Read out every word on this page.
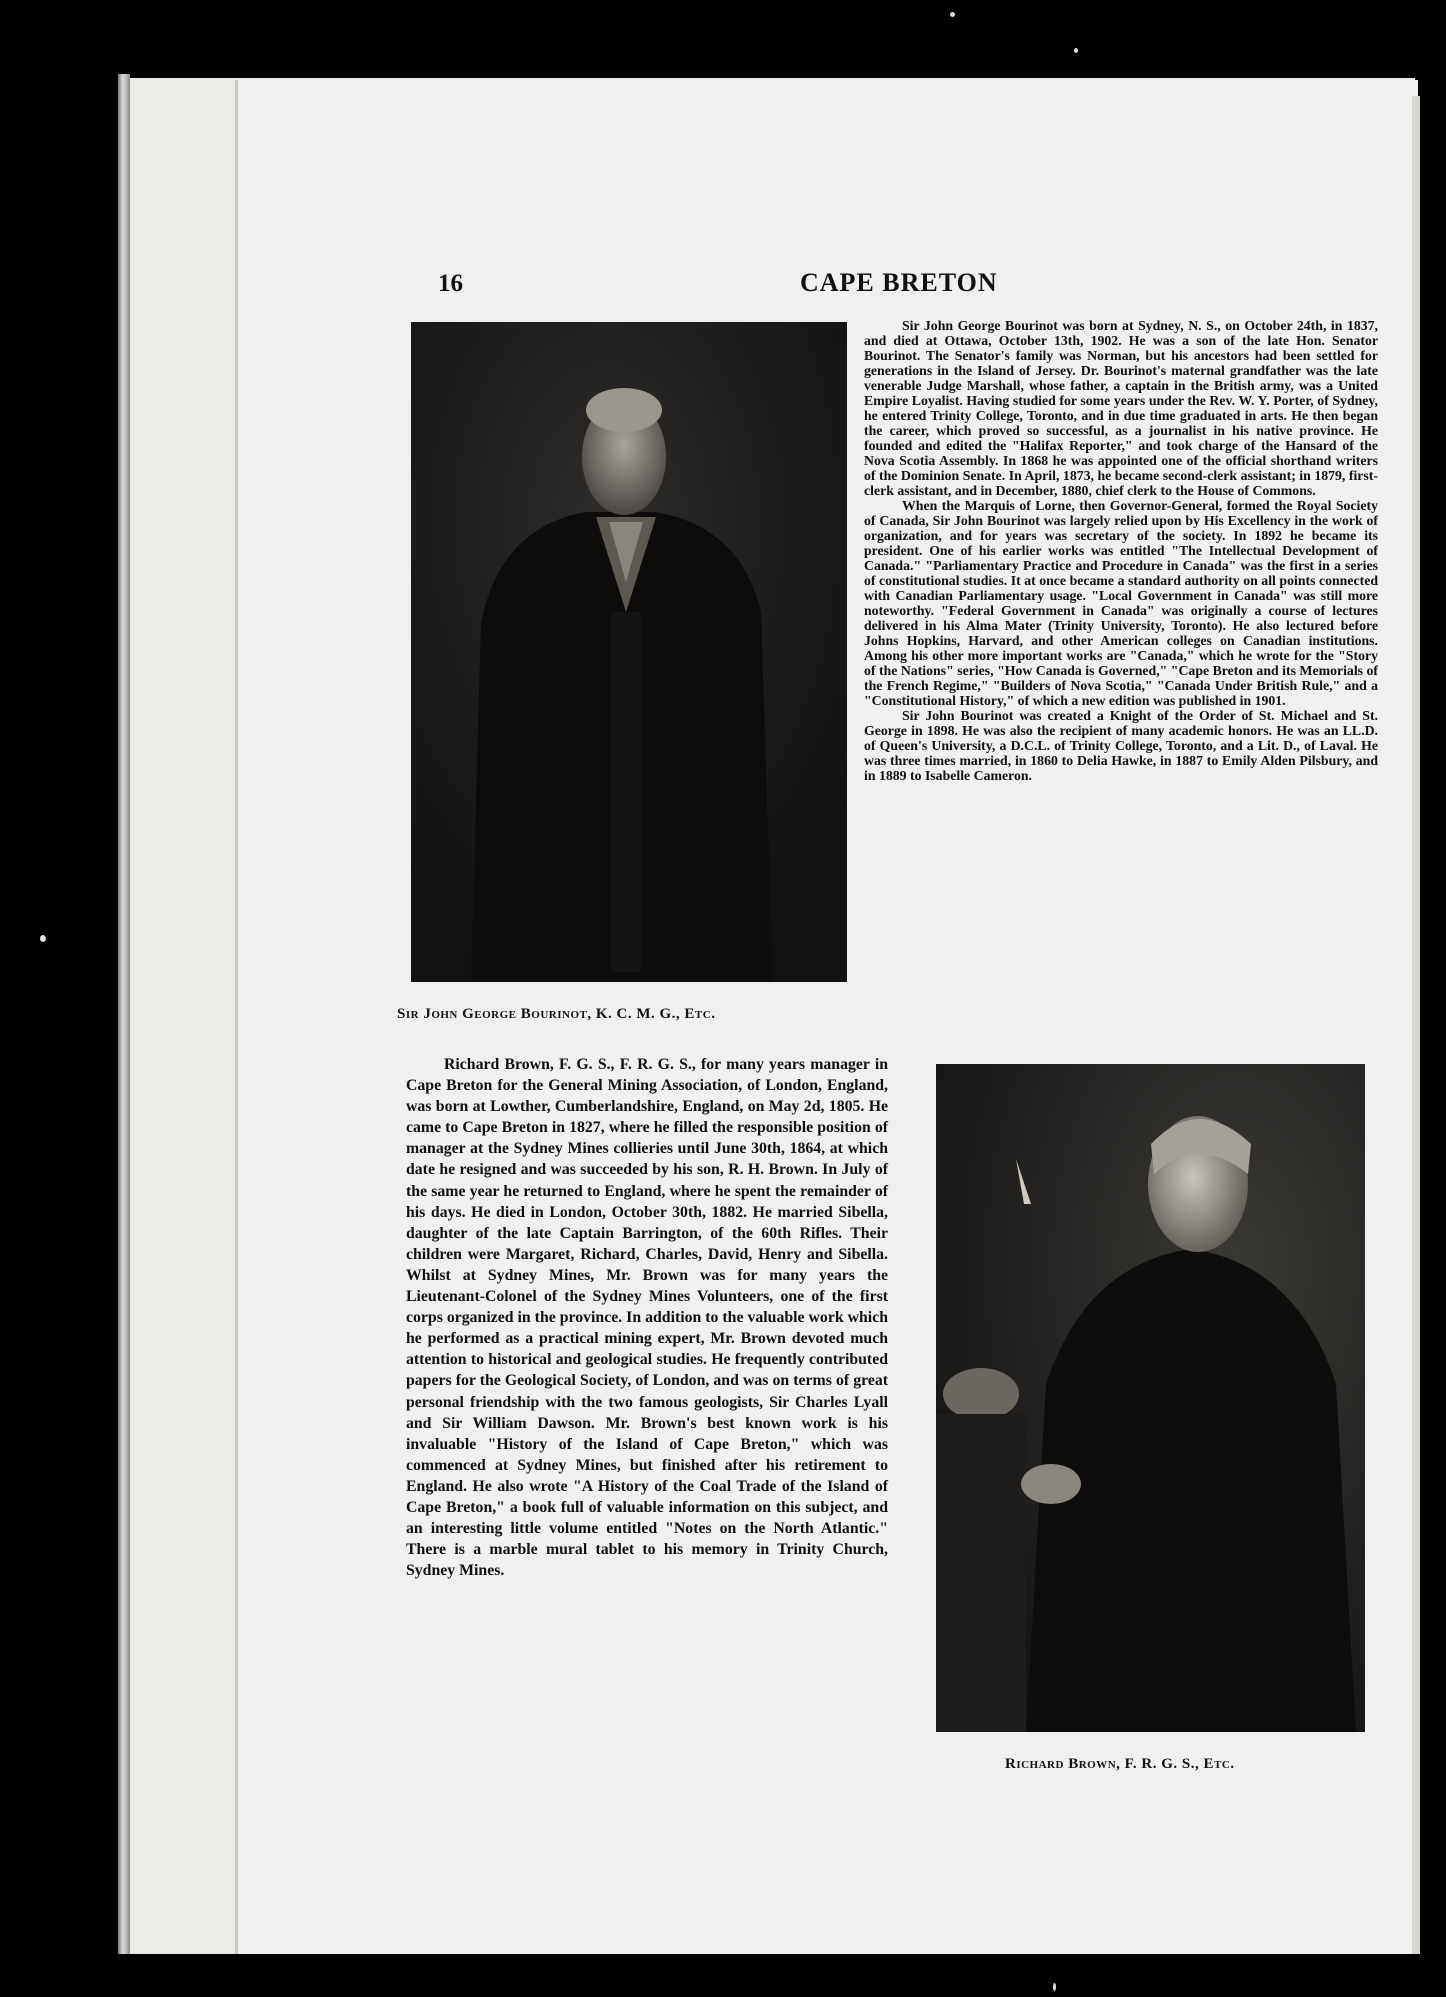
16	CAPE BRETON
Sir John George Bourinot, K. C. M. G., Etc.

Sir John George Bourinot was born at Sydney, N. S., on October 24th, in 1837, and died at Ottawa, October 13th, 1902. He was a son of the late Hon. Senator Bourinot. The Senator's family was Norman, but his ancestors had been settled for generations in the Island of Jersey. Dr. Bourinot's maternal grandfather was the late venerable Judge Marshall, whose father, a captain in the British army, was a United Empire Loyalist. Having studied for some years under the Rev. W. Y. Porter, of Sydney, he entered Trinity College, Toronto, and in due time graduated in arts. He then began the career, which proved so successful, as a journalist in his native province. He founded and edited the "Halifax Reporter," and took charge of the Hansard of the Nova Scotia Assembly. In 1868 he was appointed one of the official shorthand writers of the Dominion Senate. In April, 1873, he became second-clerk assistant; in 1879, first-clerk assistant, and in December, 1880, chief clerk to the House of Commons.

When the Marquis of Lorne, then Governor-General, formed the Royal Society of Canada, Sir John Bourinot was largely relied upon by His Excellency in the work of organization, and for years was secretary of the society. In 1892 he became its president. One of his earlier works was entitled "The Intellectual Development of Canada." "Parliamentary Practice and Procedure in Canada" was the first in a series of constitutional studies. It at once became a standard authority on all points connected with Canadian Parliamentary usage. "Local Government in Canada" was still more noteworthy. "Federal Government in Canada" was originally a course of lectures delivered in his Alma Mater (Trinity University, Toronto). He also lectured before Johns Hopkins, Harvard, and other American colleges on Canadian institutions. Among his other more important works are "Canada," which he wrote for the "Story of the Nations" series, "How Canada is Governed," "Cape Breton and its Memorials of the French Regime," "Builders of Nova Scotia," "Canada Under British Rule," and a "Constitutional History," of which a new edition was published in 1901.

Sir John Bourinot was created a Knight of the Order of St. Michael and St. George in 1898. He was also the recipient of many academic honors. He was an LL.D. of Queen's University, a D.C.L. of Trinity College, Toronto, and a Lit. D., of Laval. He was three times married, in 1860 to Delia Hawke, in 1887 to Emily Alden Pilsbury, and in 1889 to Isabelle Cameron.

Richard Brown, F. G. S., F. R. G. S., for many years manager in Cape Breton for the General Mining Association, of London, England, was born at Lowther, Cumberlandshire, England, on May 2d, 1805. He came to Cape Breton in 1827, where he filled the responsible position of manager at the Sydney Mines collieries until June 30th, 1864, at which date he resigned and was succeeded by his son, R. H. Brown. In July of the same year he returned to England, where he spent the remainder of his days. He died in London, October 30th, 1882. He married Sibella, daughter of the late Captain Barrington, of the 60th Rifles. Their children were Margaret, Richard, Charles, David, Henry and Sibella. Whilst at Sydney Mines, Mr. Brown was for many years the Lieutenant-Colonel of the Sydney Mines Volunteers, one of the first corps organized in the province. In addition to the valuable work which he performed as a practical mining expert, Mr. Brown devoted much attention to historical and geological studies. He frequently contributed papers for the Geological Society, of London, and was on terms of great personal friendship with the two famous geologists, Sir Charles Lyall and Sir William Dawson. Mr. Brown's best known work is his invaluable "History of the Island of Cape Breton," which was commenced at Sydney Mines, but finished after his retirement to England. He also wrote "A History of the Coal Trade of the Island of Cape Breton," a book full of valuable information on this subject, and an interesting little volume entitled "Notes on the North Atlantic." There is a marble mural tablet to his memory in Trinity Church, Sydney Mines.

Richard Brown, F. R. G. S., Etc.
